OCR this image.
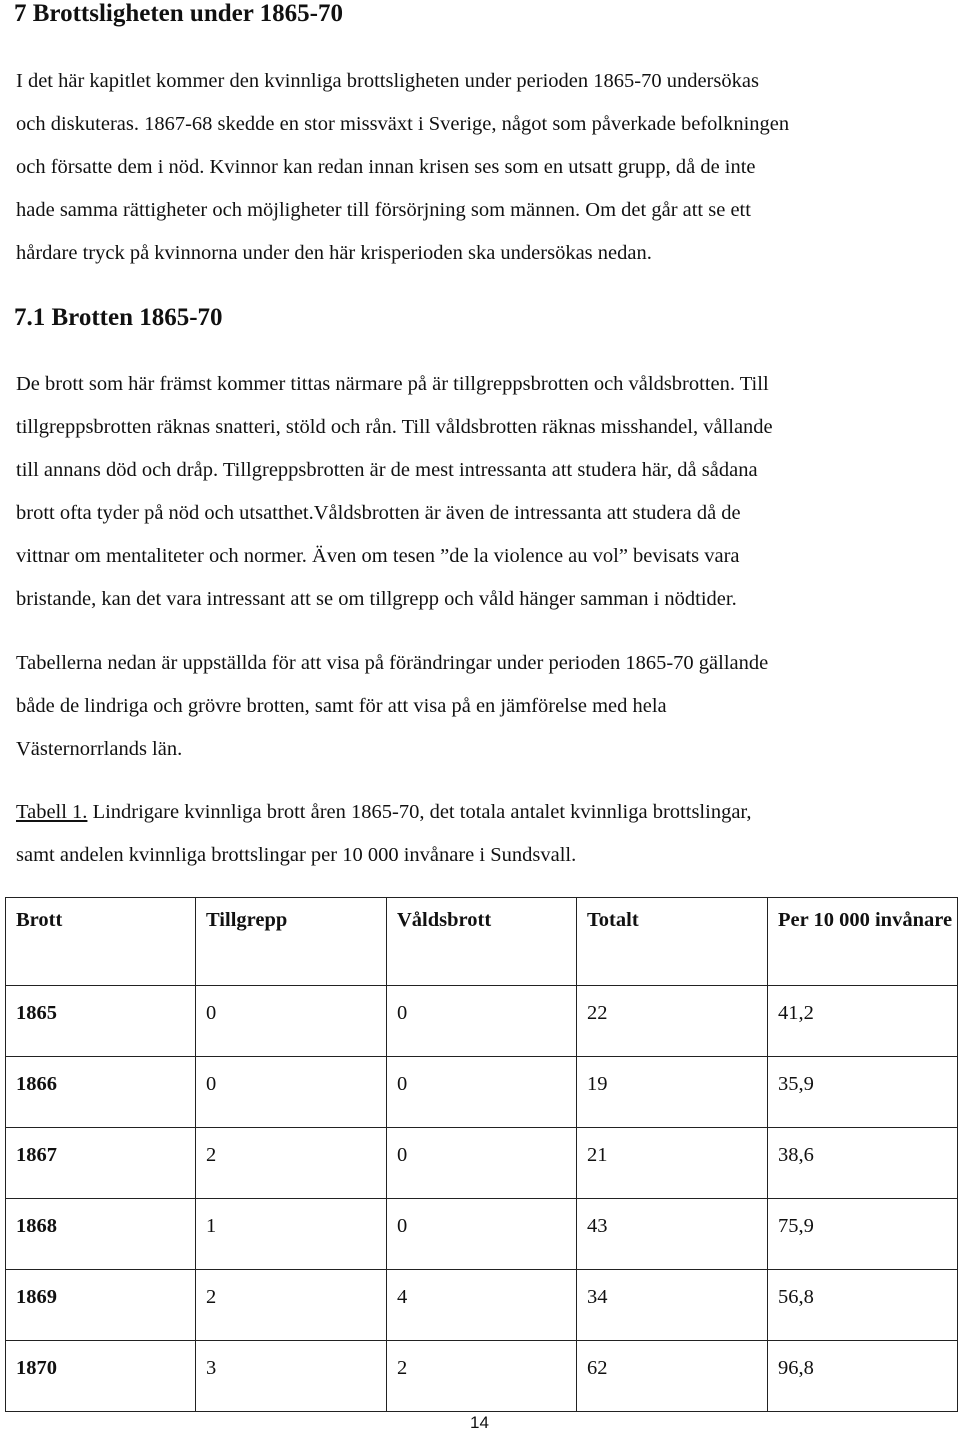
7 Brottsligheten under 1865-70

I det här kapitlet kommer den kvinnliga brottsligheten under perioden 1865-70 undersökas
och diskuteras. 1867-68 skedde en stor missväxt i Sverige, något som påverkade befolkningen
och försatte dem i nöd. Kvinnor kan redan innan krisen ses som en utsatt grupp, då de inte
hade samma rättigheter och möjligheter till försörjning som männen. Om det går att se ett
hårdare tryck på kvinnorna under den här krisperioden ska undersökas nedan.

7.1 Brotten 1865-70

De brott som här främst kommer tittas närmare på är tillgreppsbrotten och våldsbrotten. Till
tillgreppsbrotten räknas snatteri, stöld och rån. Till våldsbrotten räknas misshandel, vållande
till annans död och dråp. Tillgreppsbrotten är de mest intressanta att studera här, då sådana
brott ofta tyder på nöd och utsatthet.Våldsbrotten är även de intressanta att studera då de
vittnar om mentaliteter och normer. Även om tesen ”de la violence au vol” bevisats vara
bristande, kan det vara intressant att se om tillgrepp och våld hänger samman i nödtider.

Tabellerna nedan är uppställda för att visa på förändringar under perioden 1865-70 gällande
både de lindriga och grövre brotten, samt för att visa på en jämförelse med hela
Västernorrlands län.

Tabell 1. Lindrigare kvinnliga brott åren 1865-70, det totala antalet kvinnliga brottslingar,
samt andelen kvinnliga brottslingar per 10 000 invånare i Sundsvall.

Brott	Tillgrepp	Våldsbrott	Totalt	Per 10 000 invånare
1865	0	0	22	41,2
1866	0	0	19	35,9
1867	2	0	21	38,6
1868	1	0	43	75,9
1869	2	4	34	56,8
1870	3	2	62	96,8
14
